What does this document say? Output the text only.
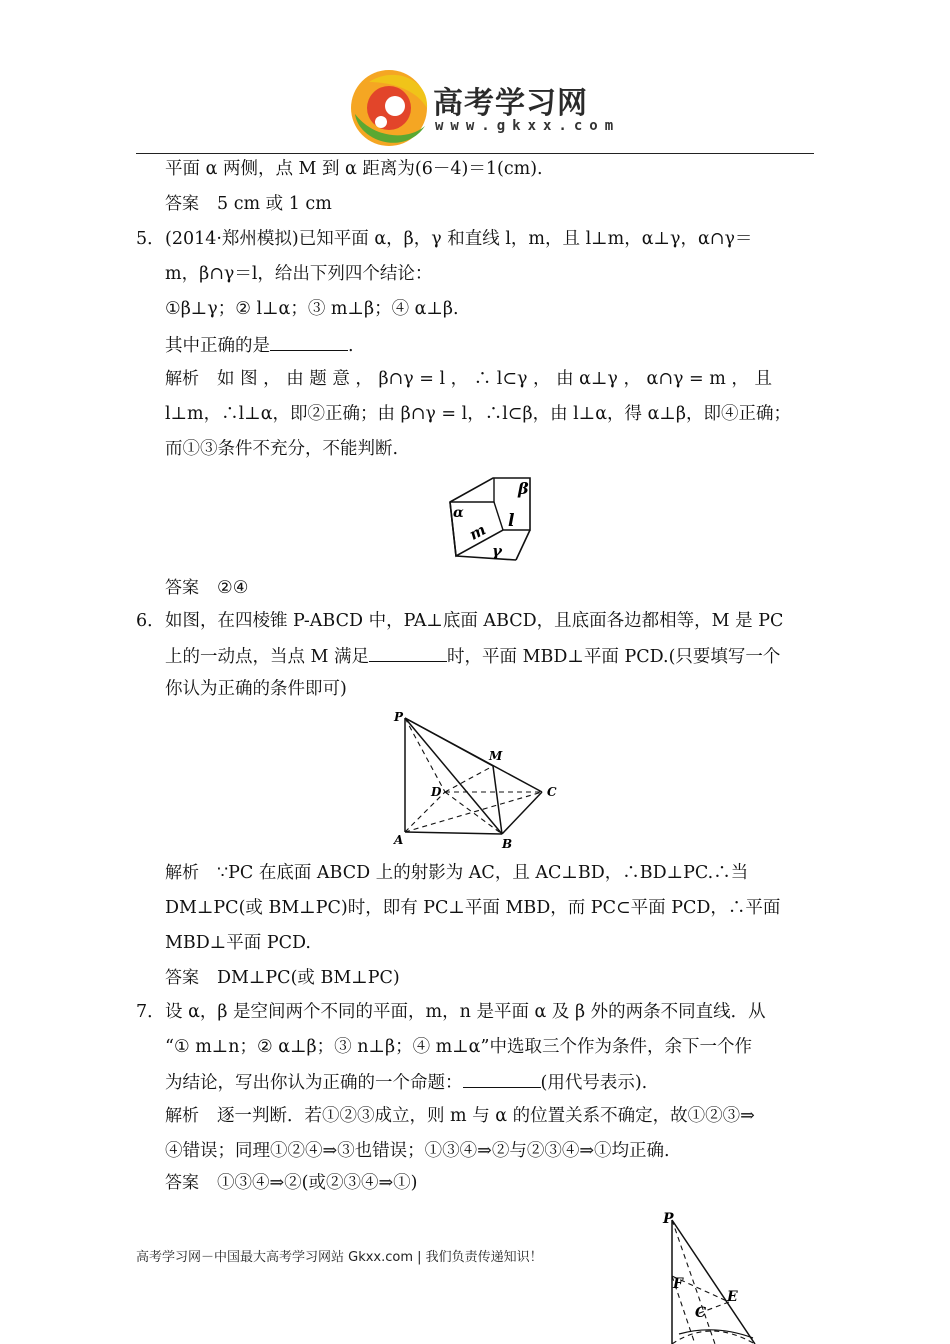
高考学习网
www.gkxx.com
平面 α 两侧，点 M 到 α 距离为(6－4)＝1(cm).
答案 5 cm 或 1 cm
5． (2014·郑州模拟)已知平面 α，β，γ 和直线 l，m，且 l⊥m，α⊥γ，α∩γ＝
m，β∩γ＝l，给出下列四个结论：
①β⊥γ；② l⊥α；③ m⊥β；④ α⊥β.
其中正确的是	.
解析 如 图 ， 由 题 意 ， β∩γ = l ， ∴ l⊂γ ， 由 α⊥γ ， α∩γ = m ， 且
l⊥m，∴l⊥α，即②正确；由 β∩γ = l，∴l⊂β，由 l⊥α，得 α⊥β，即④正确；
而①③条件不充分，不能判断.
α
β
l
m
γ
答案 ②④
6． 如图，在四棱锥 P-ABCD 中，PA⊥底面 ABCD，且底面各边都相等，M 是 PC
上的一动点，当点 M 满足	时，平面 MBD⊥平面 PCD.(只要填写一个
你认为正确的条件即可)
P
M
D	C
A	B
解析 ∵PC 在底面 ABCD 上的射影为 AC，且 AC⊥BD，∴BD⊥PC.∴当
DM⊥PC(或 BM⊥PC)时，即有 PC⊥平面 MBD，而 PC⊂平面 PCD，∴平面
MBD⊥平面 PCD.
答案 DM⊥PC(或 BM⊥PC)
7． 设 α，β 是空间两个不同的平面，m，n 是平面 α 及 β 外的两条不同直线．从
“① m⊥n；② α⊥β；③ n⊥β；④ m⊥α”中选取三个作为条件，余下一个作
为结论，写出你认为正确的一个命题：	(用代号表示).
解析 逐一判断．若①②③成立，则 m 与 α 的位置关系不确定，故①②③⇒
④错误；同理①②④⇒③也错误；①③④⇒②与②③④⇒①均正确.
答案 ①③④⇒②(或②③④⇒①)
P
F
E
C
高考学习网－中国最大高考学习网站 Gkxx.com | 我们负责传递知识！
